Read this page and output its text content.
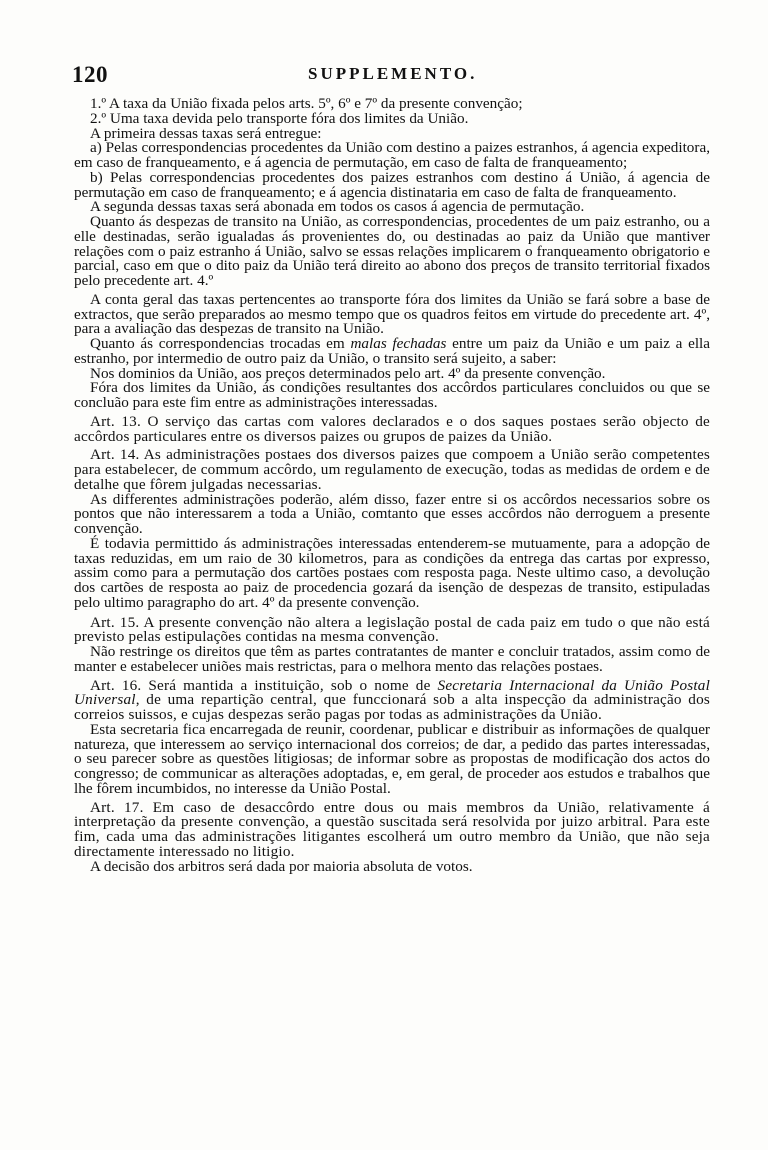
120	SUPPLEMENTO.

1.º A taxa da União fixada pelos arts. 5º, 6º e 7º da presente convenção;

2.º Uma taxa devida pelo transporte fóra dos limites da União.

A primeira dessas taxas será entregue:

a) Pelas correspondencias procedentes da União com destino a paizes estranhos, á agencia expeditora, em caso de franqueamento, e á agencia de permutação, em caso de falta de franqueamento;

b) Pelas correspondencias procedentes dos paizes estranhos com destino á União, á agencia de permutação em caso de franqueamento; e á agencia distinataria em caso de falta de franqueamento.

A segunda dessas taxas será abonada em todos os casos á agencia de permutação.

Quanto ás despezas de transito na União, as correspondencias, procedentes de um paiz estranho, ou a elle destinadas, serão igualadas ás provenientes do, ou destinadas ao paiz da União que mantiver relações com o paiz estranho á União, salvo se essas relações implicarem o franqueamento obrigatorio e parcial, caso em que o dito paiz da União terá direito ao abono dos preços de transito territorial fixados pelo precedente art. 4.º

A conta geral das taxas pertencentes ao transporte fóra dos limites da União se fará sobre a base de extractos, que serão preparados ao mesmo tempo que os quadros feitos em virtude do precedente art. 4º, para a avaliação das despezas de transito na União.

Quanto ás correspondencias trocadas em malas fechadas entre um paiz da União e um paiz a ella estranho, por intermedio de outro paiz da União, o transito será sujeito, a saber:

Nos dominios da União, aos preços determinados pelo art. 4º da presente convenção.

Fóra dos limites da União, ás condições resultantes dos accôrdos particulares concluidos ou que se concluão para este fim entre as administrações interessadas.

Art. 13. O serviço das cartas com valores declarados e o dos saques postaes serão objecto de accôrdos particulares entre os diversos paizes ou grupos de paizes da União.

Art. 14. As administrações postaes dos diversos paizes que compoem a União serão competentes para estabelecer, de commum accôrdo, um regulamento de execução, todas as medidas de ordem e de detalhe que fôrem julgadas necessarias.

As differentes administrações poderão, além disso, fazer entre si os accôrdos necessarios sobre os pontos que não interessarem a toda a União, comtanto que esses accôrdos não derroguem a presente convenção.

É todavia permittido ás administrações interessadas entenderem-se mutuamente, para a adopção de taxas reduzidas, em um raio de 30 kilometros, para as condições da entrega das cartas por expresso, assim como para a permutação dos cartões postaes com resposta paga. Neste ultimo caso, a devolução dos cartões de resposta ao paiz de procedencia gozará da isenção de despezas de transito, estipuladas pelo ultimo paragrapho do art. 4º da presente convenção.

Art. 15. A presente convenção não altera a legislação postal de cada paiz em tudo o que não está previsto pelas estipulações contidas na mesma convenção.

Não restringe os direitos que têm as partes contratantes de manter e concluir tratados, assim como de manter e estabelecer uniões mais restrictas, para o melhora mento das relações postaes.

Art. 16. Será mantida a instituição, sob o nome de Secretaria Internacional da União Postal Universal, de uma repartição central, que funccionará sob a alta inspecção da administração dos correios suissos, e cujas despezas serão pagas por todas as administrações da União.

Esta secretaria fica encarregada de reunir, coordenar, publicar e distribuir as informações de qualquer natureza, que interessem ao serviço internacional dos correios; de dar, a pedido das partes interessadas, o seu parecer sobre as questões litigiosas; de informar sobre as propostas de modificação dos actos do congresso; de communicar as alterações adoptadas, e, em geral, de proceder aos estudos e trabalhos que lhe fôrem incumbidos, no interesse da União Postal.

Art. 17. Em caso de desaccôrdo entre dous ou mais membros da União, relativamente á interpretação da presente convenção, a questão suscitada será resolvida por juizo arbitral. Para este fim, cada uma das administrações litigantes escolherá um outro membro da União, que não seja directamente interessado no litigio.

A decisão dos arbitros será dada por maioria absoluta de votos.
